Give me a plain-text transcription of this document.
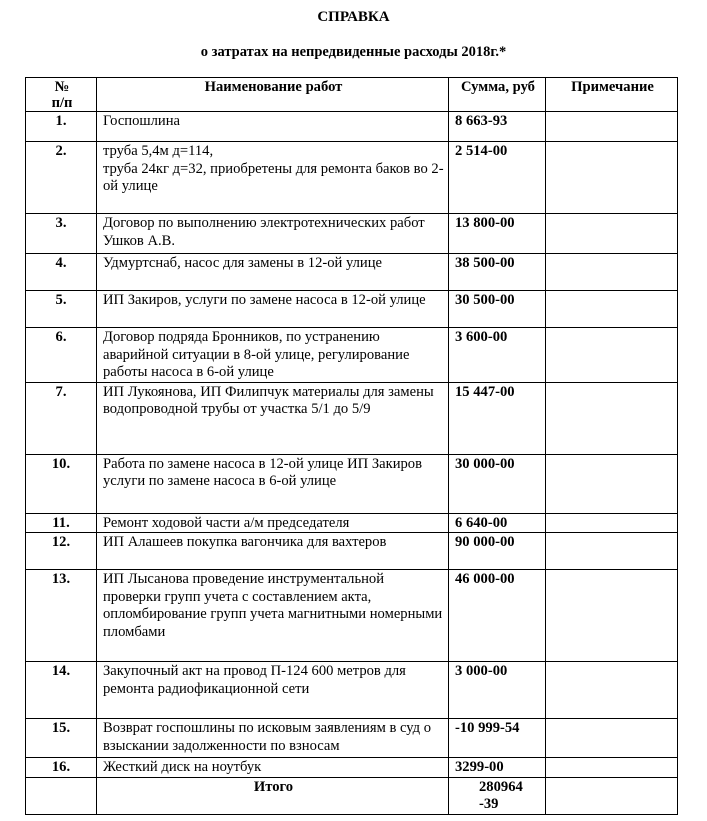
СПРАВКА
о затратах на непредвиденные расходы 2018г.*
№
п/п	Наименование работ	Сумма, руб	Примечание
1.	Госпошлина	8 663-93	
2.	труба 5,4м д=114,
труба 24кг д=32, приобретены для ремонта баков во 2-ой улице	2 514-00	
3.	Договор по выполнению электротехнических работ Ушков А.В.	13 800-00	
4.	Удмуртснаб, насос для замены в 12-ой улице	38 500-00	
5.	ИП Закиров, услуги по замене насоса в 12-ой улице	30 500-00	
6.	Договор подряда Бронников, по устранению аварийной ситуации в 8-ой улице, регулирование работы насоса в 6-ой улице	3 600-00	
7.	ИП Лукоянова, ИП Филипчук материалы для замены водопроводной трубы от участка 5/1 до 5/9	15 447-00	
10.	Работа по замене насоса в 12-ой улице ИП Закиров услуги по замене насоса в 6-ой улице	30 000-00	
11.	Ремонт ходовой части а/м председателя	6 640-00	
12.	ИП Алашеев покупка вагончика для вахтеров	90 000-00	
13.	ИП Лысанова проведение инструментальной проверки групп учета с составлением акта, опломбирование групп учета магнитными номерными пломбами	46 000-00	
14.	Закупочный акт на провод П-124 600 метров для ремонта радиофикационной сети	3 000-00	
15.	Возврат госпошлины по исковым заявлениям в суд о взыскании задолженности по взносам	-10 999-54	
16.	Жесткий диск на ноутбук	3299-00	
	Итого	280964 -39	
